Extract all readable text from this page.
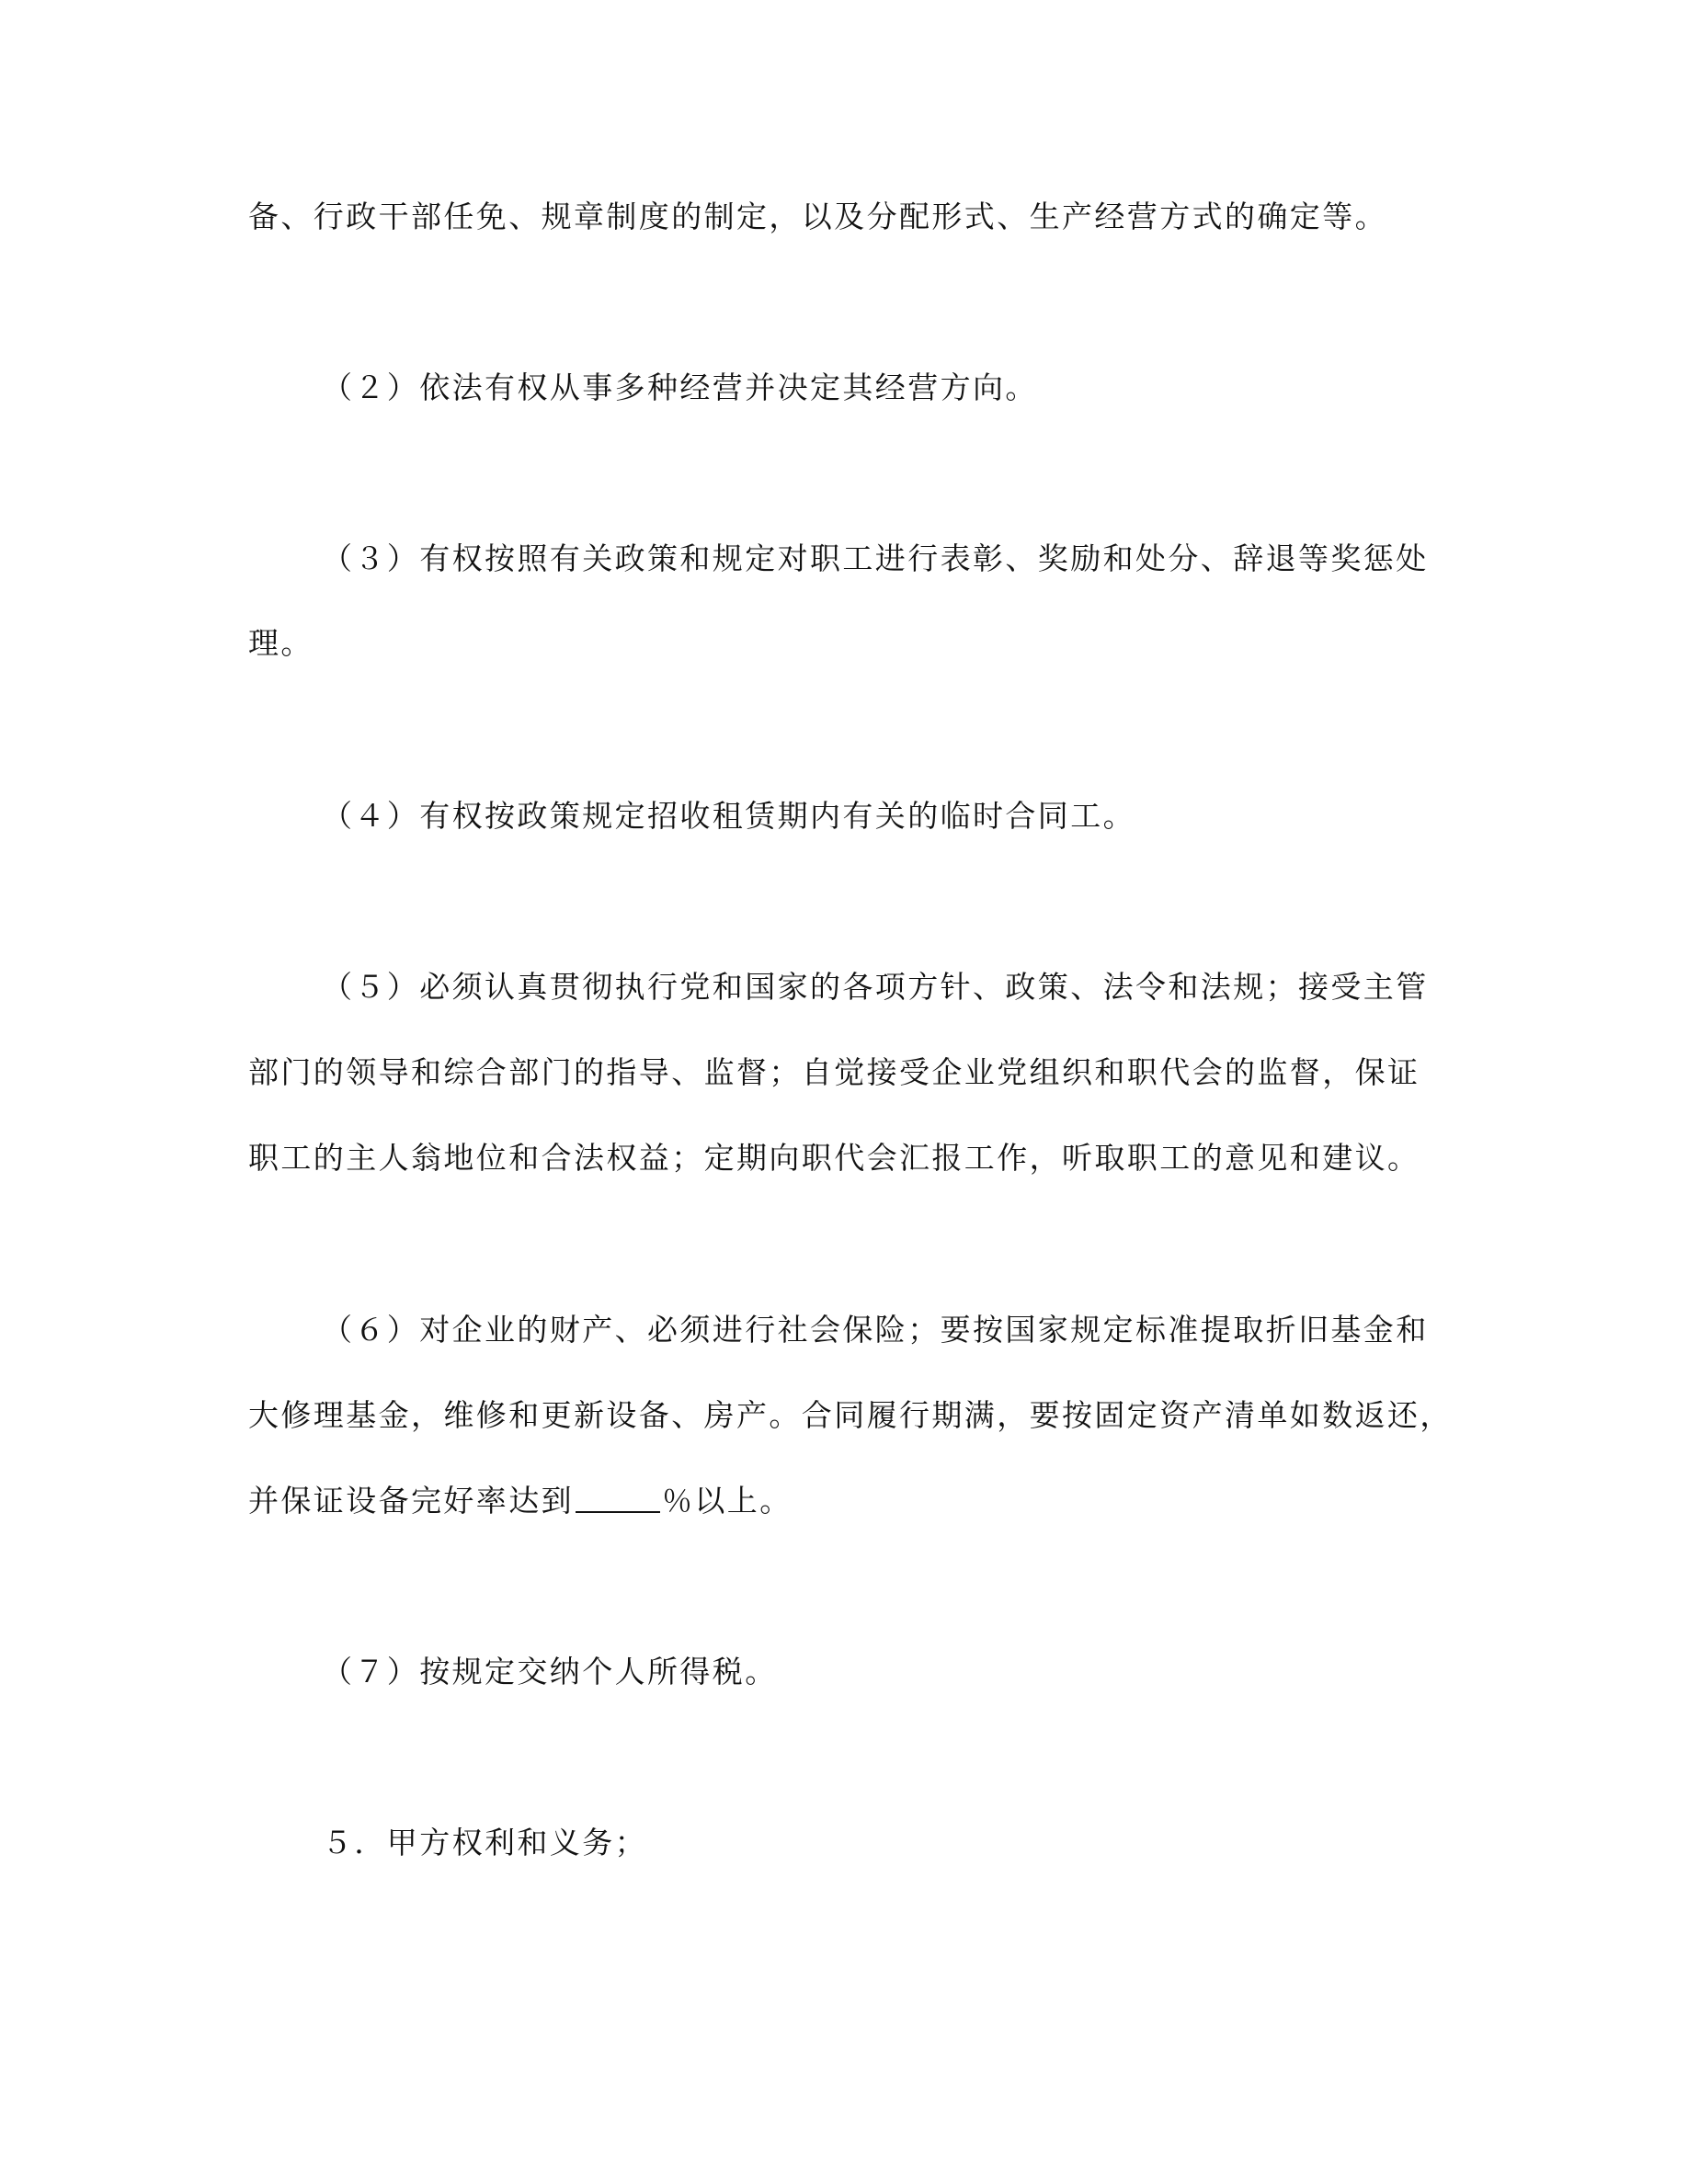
备、行政干部任免、规章制度的制定，以及分配形式、生产经营方式的确定等。
（２）依法有权从事多种经营并决定其经营方向。
（３）有权按照有关政策和规定对职工进行表彰、奖励和处分、辞退等奖惩处
理。
（４）有权按政策规定招收租赁期内有关的临时合同工。
（５）必须认真贯彻执行党和国家的各项方针、政策、法令和法规；接受主管
部门的领导和综合部门的指导、监督；自觉接受企业党组织和职代会的监督，保证
职工的主人翁地位和合法权益；定期向职代会汇报工作，听取职工的意见和建议。
（６）对企业的财产、必须进行社会保险；要按国家规定标准提取折旧基金和
大修理基金，维修和更新设备、房产。合同履行期满，要按固定资产清单如数返还，
并保证设备完好率达到	％以上。
（７）按规定交纳个人所得税。
５．甲方权利和义务；
